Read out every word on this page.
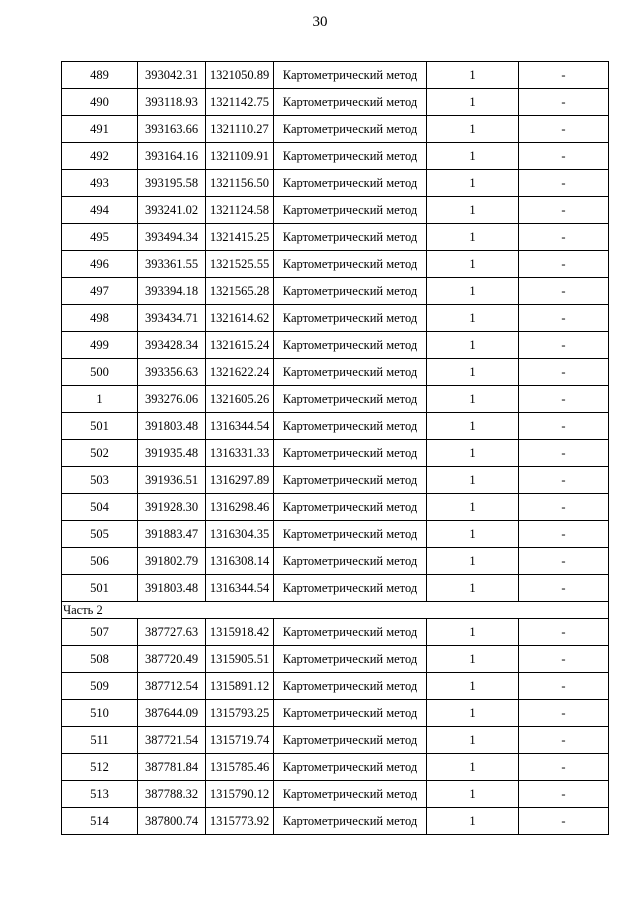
30
489	393042.31	1321050.89	Картометрический метод	1	-
490	393118.93	1321142.75	Картометрический метод	1	-
491	393163.66	1321110.27	Картометрический метод	1	-
492	393164.16	1321109.91	Картометрический метод	1	-
493	393195.58	1321156.50	Картометрический метод	1	-
494	393241.02	1321124.58	Картометрический метод	1	-
495	393494.34	1321415.25	Картометрический метод	1	-
496	393361.55	1321525.55	Картометрический метод	1	-
497	393394.18	1321565.28	Картометрический метод	1	-
498	393434.71	1321614.62	Картометрический метод	1	-
499	393428.34	1321615.24	Картометрический метод	1	-
500	393356.63	1321622.24	Картометрический метод	1	-
1	393276.06	1321605.26	Картометрический метод	1	-
501	391803.48	1316344.54	Картометрический метод	1	-
502	391935.48	1316331.33	Картометрический метод	1	-
503	391936.51	1316297.89	Картометрический метод	1	-
504	391928.30	1316298.46	Картометрический метод	1	-
505	391883.47	1316304.35	Картометрический метод	1	-
506	391802.79	1316308.14	Картометрический метод	1	-
501	391803.48	1316344.54	Картометрический метод	1	-
Часть 2					
507	387727.63	1315918.42	Картометрический метод	1	-
508	387720.49	1315905.51	Картометрический метод	1	-
509	387712.54	1315891.12	Картометрический метод	1	-
510	387644.09	1315793.25	Картометрический метод	1	-
511	387721.54	1315719.74	Картометрический метод	1	-
512	387781.84	1315785.46	Картометрический метод	1	-
513	387788.32	1315790.12	Картометрический метод	1	-
514	387800.74	1315773.92	Картометрический метод	1	-
